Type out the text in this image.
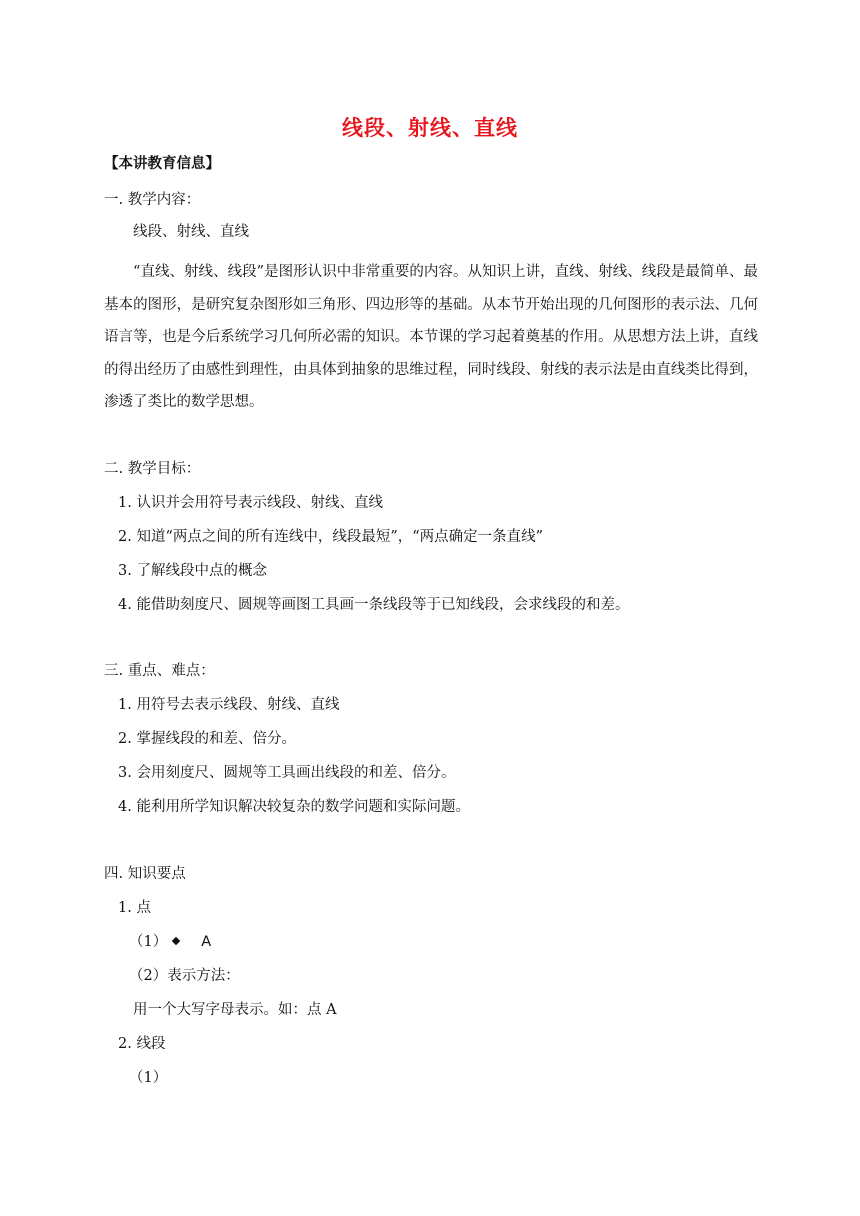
线段、射线、直线
【本讲教育信息】
一. 教学内容：
线段、射线、直线
“直线、射线、线段”是图形认识中非常重要的内容。从知识上讲，直线、射线、线段是最简单、最基本的图形，是研究复杂图形如三角形、四边形等的基础。从本节开始出现的几何图形的表示法、几何语言等，也是今后系统学习几何所必需的知识。本节课的学习起着奠基的作用。从思想方法上讲，直线的得出经历了由感性到理性，由具体到抽象的思维过程，同时线段、射线的表示法是由直线类比得到，渗透了类比的数学思想。
二. 教学目标：
1. 认识并会用符号表示线段、射线、直线
2. 知道“两点之间的所有连线中，线段最短”，“两点确定一条直线”
3. 了解线段中点的概念
4. 能借助刻度尺、圆规等画图工具画一条线段等于已知线段，会求线段的和差。
三. 重点、难点：
1. 用符号去表示线段、射线、直线
2. 掌握线段的和差、倍分。
3. 会用刻度尺、圆规等工具画出线段的和差、倍分。
4. 能利用所学知识解决较复杂的数学问题和实际问题。
四. 知识要点
1. 点
（1） A
（2）表示方法：
用一个大写字母表示。如：点 A
2. 线段
（1）
